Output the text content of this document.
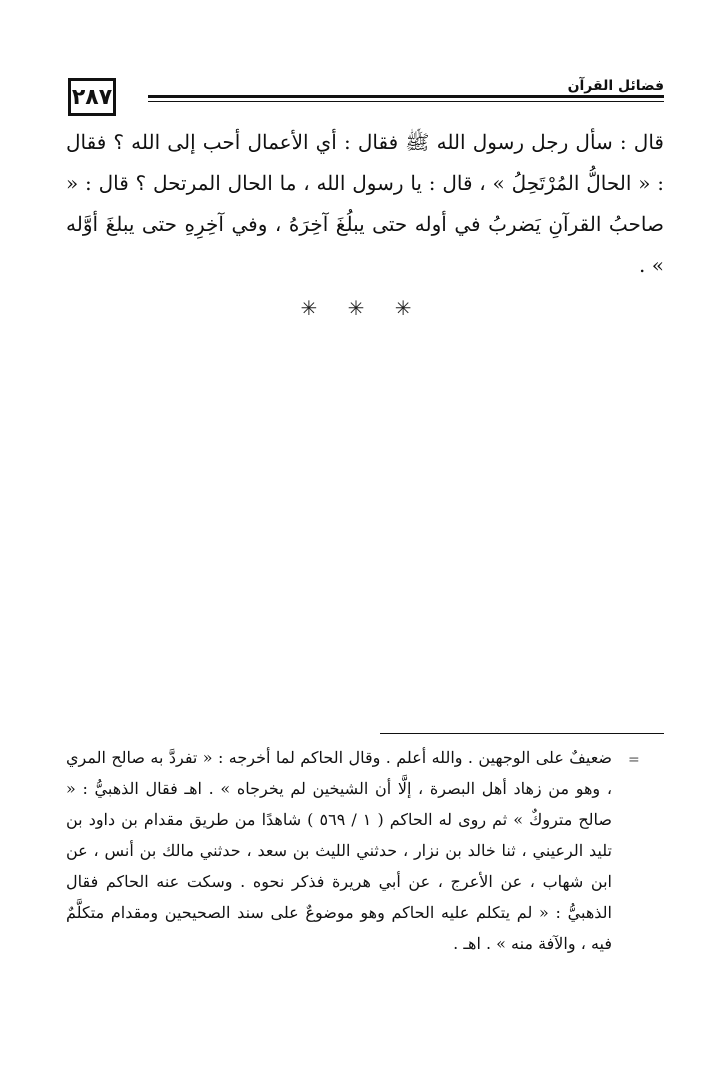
٢٨٧	فضائل القرآن

قال : سأل رجل رسول الله ﷺ فقال : أي الأعمال أحب إلى الله ؟ فقال : « الحالُّ المُرْتَحِلُ » ، قال : يا رسول الله ، ما الحال المرتحل ؟ قال : « صاحبُ القرآنِ يَضربُ في أوله حتى يبلُغَ آخِرَهُ ، وفي آخِرِهِ حتى يبلغَ أوَّله » .

✳ ✳ ✳
=

ضعيفٌ على الوجهين . والله أعلم . وقال الحاكم لما أخرجه : « تفردَّ به صالح المري ، وهو من زهاد أهل البصرة ، إلَّا أن الشيخين لم يخرجاه » . اهـ فقال الذهبيُّ : « صالح متروكٌ » ثم روى له الحاكم ( ١ / ٥٦٩ ) شاهدًا من طريق مقدام بن داود بن تليد الرعيني ، ثنا خالد بن نزار ، حدثني الليث بن سعد ، حدثني مالك بن أنس ، عن ابن شهاب ، عن الأعرج ، عن أبي هريرة فذكر نحوه . وسكت عنه الحاكم فقال الذهبيُّ : « لم يتكلم عليه الحاكم وهو موضوعٌ على سند الصحيحين ومقدام متكلَّمٌ فيه ، والآفة منه » . اهـ .
